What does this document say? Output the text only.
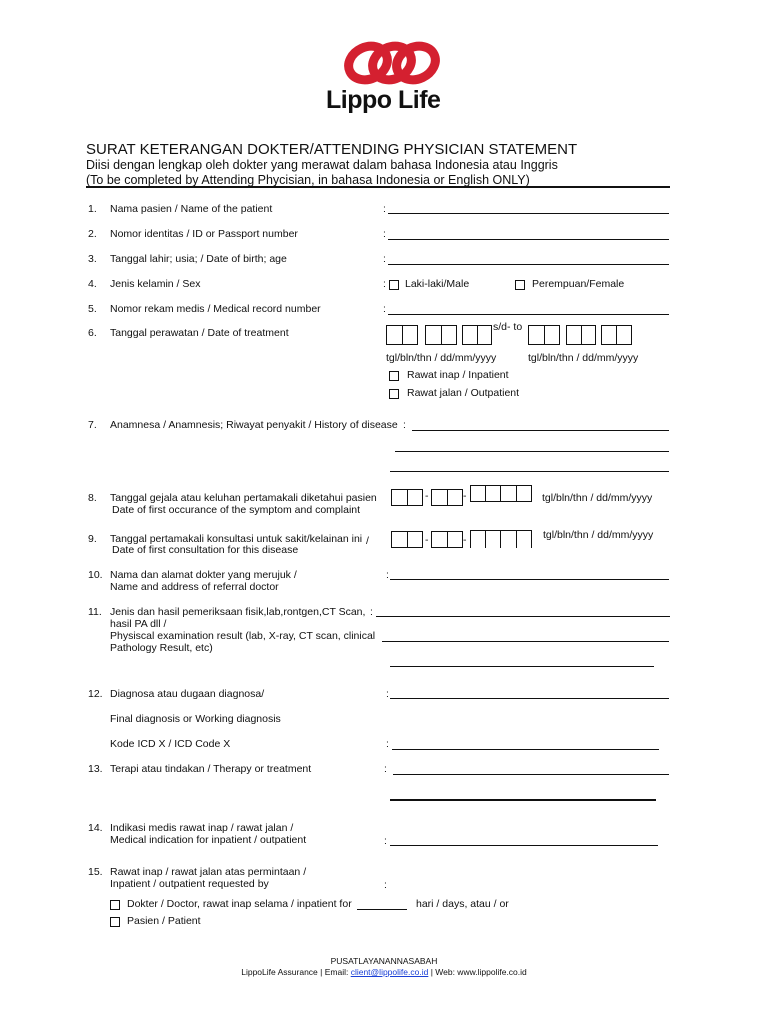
Lippo Life
SURAT KETERANGAN DOKTER/ATTENDING PHYSICIAN STATEMENT
Diisi dengan lengkap oleh dokter yang merawat dalam bahasa Indonesia atau Inggris
(To be completed by Attending Phycisian, in bahasa Indonesia or English ONLY)
1. Nama pasien / Name of the patient	:
2. Nomor identitas / ID or Passport number	:
3. Tanggal lahir; usia; / Date of birth; age	:
4. Jenis kelamin / Sex	: Laki-laki/Male	Perempuan/Female
5. Nomor rekam medis / Medical record number	:
6. Tanggal perawatan / Date of treatment	s/d- to
tgl/bln/thn / dd/mm/yyyy	tgl/bln/thn / dd/mm/yyyy
Rawat inap / Inpatient
Rawat jalan / Outpatient
7. Anamnesa / Anamnesis; Riwayat penyakit / History of disease :
8. Tanggal gejala atau keluhan pertamakali diketahui pasien
Date of first occurance of the symptom and complaint
-	-	tgl/bln/thn / dd/mm/yyyy
9. Tanggal pertamakali konsultasi untuk sakit/kelainan ini /
Date of first consultation for this disease
-	-	tgl/bln/thn / dd/mm/yyyy
10. Nama dan alamat dokter yang merujuk /
Name and address of referral doctor
:
11. Jenis dan hasil pemeriksaan fisik,lab,rontgen,CT Scan, :
hasil PA dll /
Physiscal examination result (lab, X-ray, CT scan, clinical
Pathology Result, etc)
12. Diagnosa atau dugaan diagnosa/	:
Final diagnosis or Working diagnosis
Kode ICD X / ICD Code X	:
13. Terapi atau tindakan / Therapy or treatment	:
14. Indikasi medis rawat inap / rawat jalan /
Medical indication for inpatient / outpatient	:
15. Rawat inap / rawat jalan atas permintaan /
Inpatient / outpatient requested by	:
Dokter / Doctor, rawat inap selama / inpatient for	hari / days, atau / or
Pasien / Patient
PUSATLAYANANNASABAH
LippoLife Assurance | Email: client@lippolife.co.id | Web: www.lippolife.co.id
